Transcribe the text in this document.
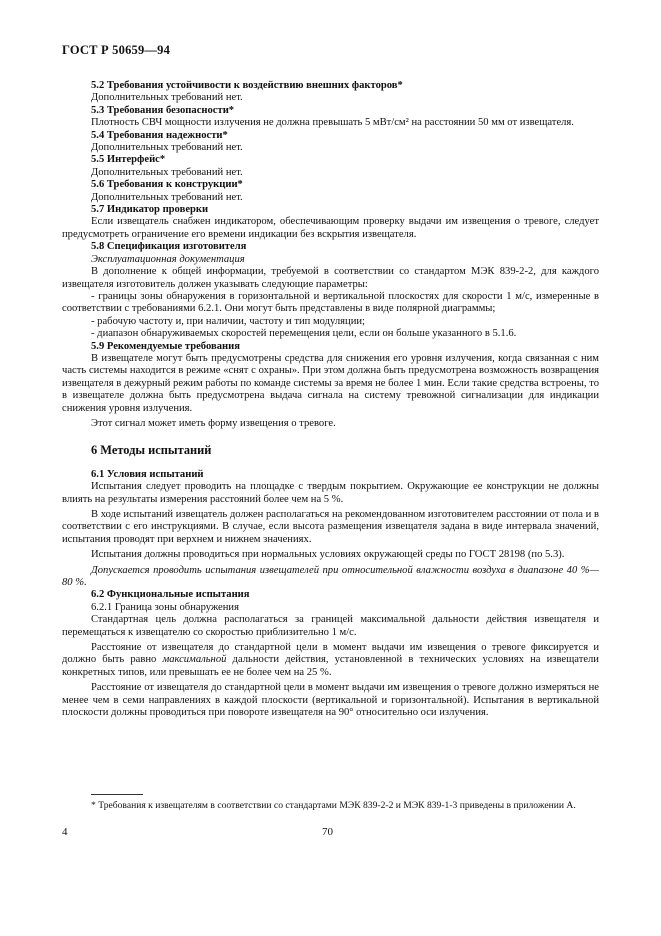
ГОСТ Р 50659—94

5.2 Требования устойчивости к воздействию внешних факторов*

Дополнительных требований нет.

5.3 Требования безопасности*

Плотность СВЧ мощности излучения не должна превышать 5 мВт/см² на расстоянии 50 мм от извещателя.

5.4 Требования надежности*

Дополнительных требований нет.

5.5 Интерфейс*

Дополнительных требований нет.

5.6 Требования к конструкции*

Дополнительных требований нет.

5.7 Индикатор проверки

Если извещатель снабжен индикатором, обеспечивающим проверку выдачи им извещения о тревоге, следует предусмотреть ограничение его времени индикации без вскрытия извещателя.

5.8 Спецификация изготовителя

Эксплуатационная документация

В дополнение к общей информации, требуемой в соответствии со стандартом МЭК 839-2-2, для каждого извещателя изготовитель должен указывать следующие параметры:

- границы зоны обнаружения в горизонтальной и вертикальной плоскостях для скорости 1 м/с, измеренные в соответствии с требованиями 6.2.1. Они могут быть представлены в виде полярной диаграммы;

- рабочую частоту и, при наличии, частоту и тип модуляции;

- диапазон обнаруживаемых скоростей перемещения цели, если он больше указанного в 5.1.6.

5.9 Рекомендуемые требования

В извещателе могут быть предусмотрены средства для снижения его уровня излучения, когда связанная с ним часть системы находится в режиме «снят с охраны». При этом должна быть предусмотрена возможность возвращения извещателя в дежурный режим работы по команде системы за время не более 1 мин. Если такие средства встроены, то в извещателе должна быть предусмотрена выдача сигнала на систему тревожной сигнализации для индикации снижения уровня излучения.

Этот сигнал может иметь форму извещения о тревоге.

6 Методы испытаний

6.1 Условия испытаний

Испытания следует проводить на площадке с твердым покрытием. Окружающие ее конструкции не должны влиять на результаты измерения расстояний более чем на 5 %.

В ходе испытаний извещатель должен располагаться на рекомендованном изготовителем расстоянии от пола и в соответствии с его инструкциями. В случае, если высота размещения извещателя задана в виде интервала значений, испытания проводят при верхнем и нижнем значениях.

Испытания должны проводиться при нормальных условиях окружающей среды по ГОСТ 28198 (по 5.3).

Допускается проводить испытания извещателей при относительной влажности воздуха в диапазоне 40 %—80 %.

6.2 Функциональные испытания

6.2.1 Граница зоны обнаружения

Стандартная цель должна располагаться за границей максимальной дальности действия извещателя и перемещаться к извещателю со скоростью приблизительно 1 м/с.

Расстояние от извещателя до стандартной цели в момент выдачи им извещения о тревоге фиксируется и должно быть равно максимальной дальности действия, установленной в технических условиях на извещатели конкретных типов, или превышать ее не более чем на 25 %.

Расстояние от извещателя до стандартной цели в момент выдачи им извещения о тревоге должно измеряться не менее чем в семи направлениях в каждой плоскости (вертикальной и горизонтальной). Испытания в вертикальной плоскости должны проводиться при повороте извещателя на 90° относительно оси излучения.

* Требования к извещателям в соответствии со стандартами МЭК 839-2-2 и МЭК 839-1-3 приведены в приложении А.
4	70
